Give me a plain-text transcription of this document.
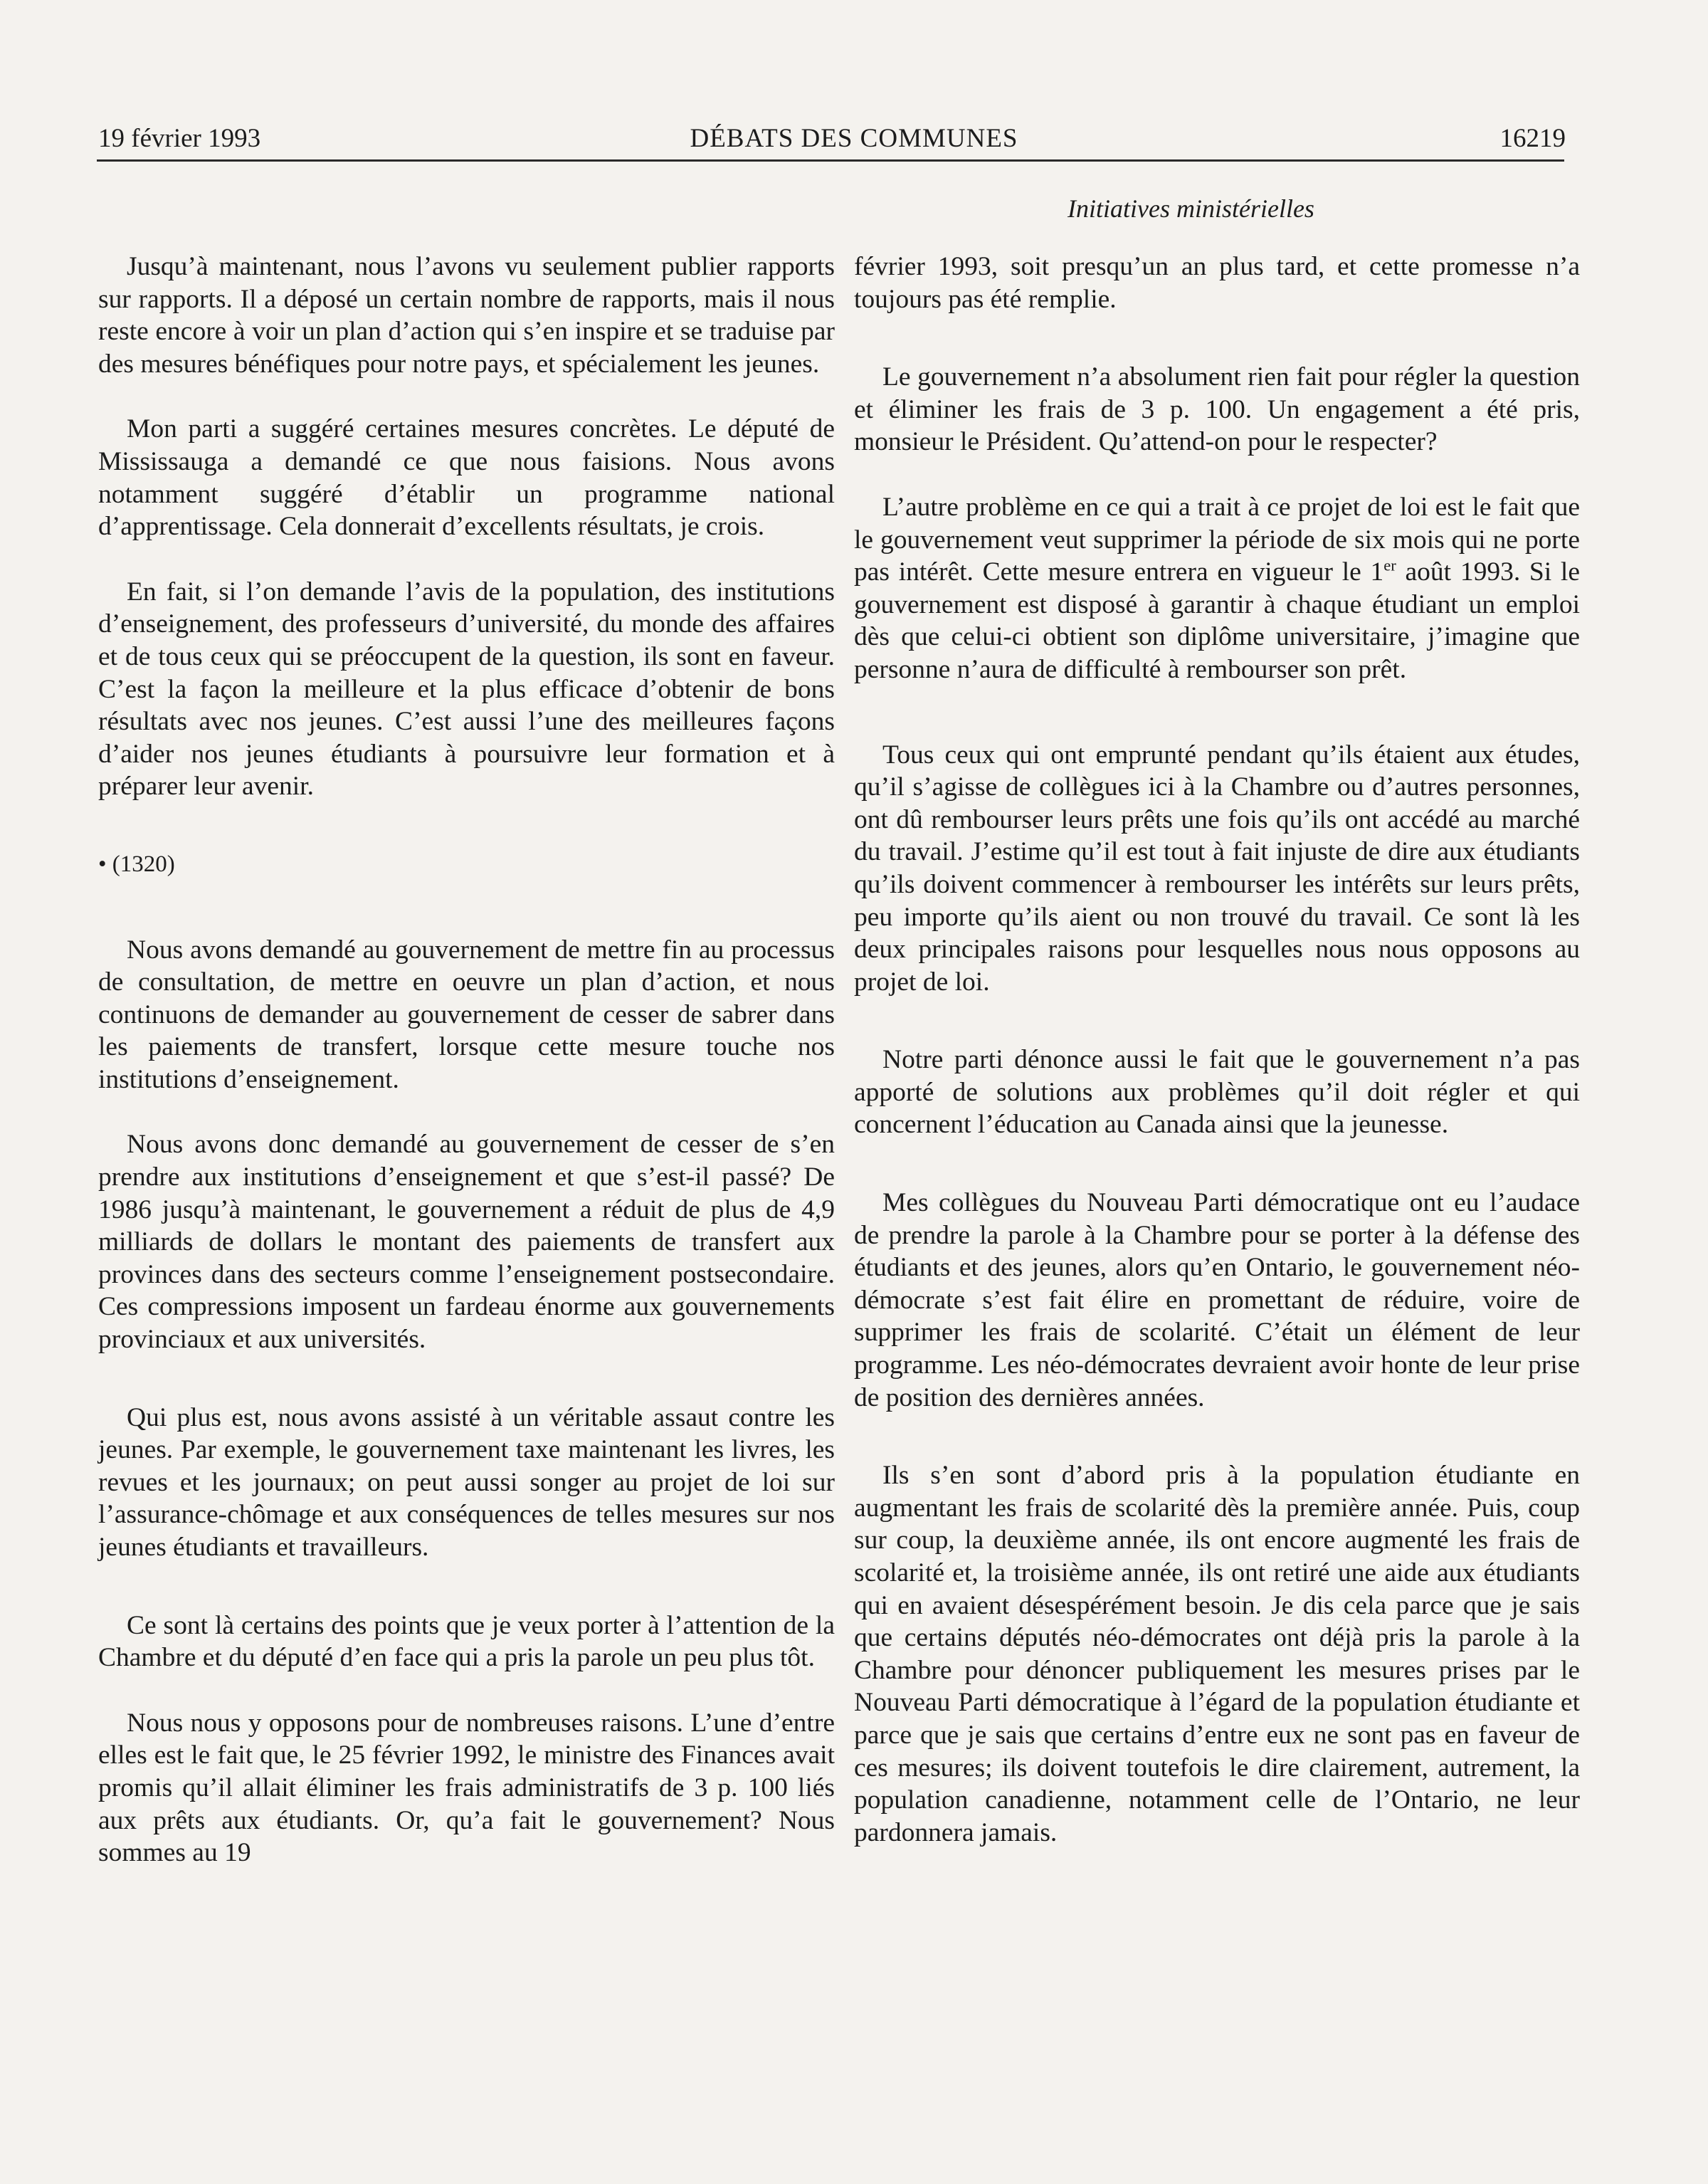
19 février 1993	DÉBATS DES COMMUNES	16219
Initiatives ministérielles

Jusqu’à maintenant, nous l’avons vu seulement publier rapports sur rapports. Il a déposé un certain nombre de rapports, mais il nous reste encore à voir un plan d’action qui s’en inspire et se traduise par des mesures bénéfiques pour notre pays, et spécialement les jeunes.

Mon parti a suggéré certaines mesures concrètes. Le député de Mississauga a demandé ce que nous faisions. Nous avons notamment suggéré d’établir un programme national d’apprentissage. Cela donnerait d’excellents résultats, je crois.

En fait, si l’on demande l’avis de la population, des institutions d’enseignement, des professeurs d’université, du monde des affaires et de tous ceux qui se préoccupent de la question, ils sont en faveur. C’est la façon la meilleure et la plus efficace d’obtenir de bons résultats avec nos jeunes. C’est aussi l’une des meilleures façons d’aider nos jeunes étudiants à poursuivre leur formation et à préparer leur avenir.

• (1320)

Nous avons demandé au gouvernement de mettre fin au processus de consultation, de mettre en oeuvre un plan d’action, et nous continuons de demander au gouvernement de cesser de sabrer dans les paiements de transfert, lorsque cette mesure touche nos institutions d’enseignement.

Nous avons donc demandé au gouvernement de cesser de s’en prendre aux institutions d’enseignement et que s’est-il passé? De 1986 jusqu’à maintenant, le gouvernement a réduit de plus de 4,9 milliards de dollars le montant des paiements de transfert aux provinces dans des secteurs comme l’enseignement postsecondaire. Ces compressions imposent un fardeau énorme aux gouvernements provinciaux et aux universités.

Qui plus est, nous avons assisté à un véritable assaut contre les jeunes. Par exemple, le gouvernement taxe maintenant les livres, les revues et les journaux; on peut aussi songer au projet de loi sur l’assurance-chômage et aux conséquences de telles mesures sur nos jeunes étudiants et travailleurs.

Ce sont là certains des points que je veux porter à l’attention de la Chambre et du député d’en face qui a pris la parole un peu plus tôt.

Nous nous y opposons pour de nombreuses raisons. L’une d’entre elles est le fait que, le 25 février 1992, le ministre des Finances avait promis qu’il allait éliminer les frais administratifs de 3 p. 100 liés aux prêts aux étudiants. Or, qu’a fait le gouvernement? Nous sommes au 19

février 1993, soit presqu’un an plus tard, et cette promesse n’a toujours pas été remplie.

Le gouvernement n’a absolument rien fait pour régler la question et éliminer les frais de 3 p. 100. Un engagement a été pris, monsieur le Président. Qu’attend-on pour le respecter?

L’autre problème en ce qui a trait à ce projet de loi est le fait que le gouvernement veut supprimer la période de six mois qui ne porte pas intérêt. Cette mesure entrera en vigueur le 1er août 1993. Si le gouvernement est disposé à garantir à chaque étudiant un emploi dès que celui-ci obtient son diplôme universitaire, j’imagine que personne n’aura de difficulté à rembourser son prêt.

Tous ceux qui ont emprunté pendant qu’ils étaient aux études, qu’il s’agisse de collègues ici à la Chambre ou d’autres personnes, ont dû rembourser leurs prêts une fois qu’ils ont accédé au marché du travail. J’estime qu’il est tout à fait injuste de dire aux étudiants qu’ils doivent commencer à rembourser les intérêts sur leurs prêts, peu importe qu’ils aient ou non trouvé du travail. Ce sont là les deux principales raisons pour lesquelles nous nous opposons au projet de loi.

Notre parti dénonce aussi le fait que le gouvernement n’a pas apporté de solutions aux problèmes qu’il doit régler et qui concernent l’éducation au Canada ainsi que la jeunesse.

Mes collègues du Nouveau Parti démocratique ont eu l’audace de prendre la parole à la Chambre pour se porter à la défense des étudiants et des jeunes, alors qu’en Ontario, le gouvernement néo-démocrate s’est fait élire en promettant de réduire, voire de supprimer les frais de scolarité. C’était un élément de leur programme. Les néo-démocrates devraient avoir honte de leur prise de position des dernières années.

Ils s’en sont d’abord pris à la population étudiante en augmentant les frais de scolarité dès la première année. Puis, coup sur coup, la deuxième année, ils ont encore augmenté les frais de scolarité et, la troisième année, ils ont retiré une aide aux étudiants qui en avaient désespérément besoin. Je dis cela parce que je sais que certains députés néo-démocrates ont déjà pris la parole à la Chambre pour dénoncer publiquement les mesures prises par le Nouveau Parti démocratique à l’égard de la population étudiante et parce que je sais que certains d’entre eux ne sont pas en faveur de ces mesures; ils doivent toutefois le dire clairement, autrement, la population canadienne, notamment celle de l’Ontario, ne leur pardonnera jamais.
